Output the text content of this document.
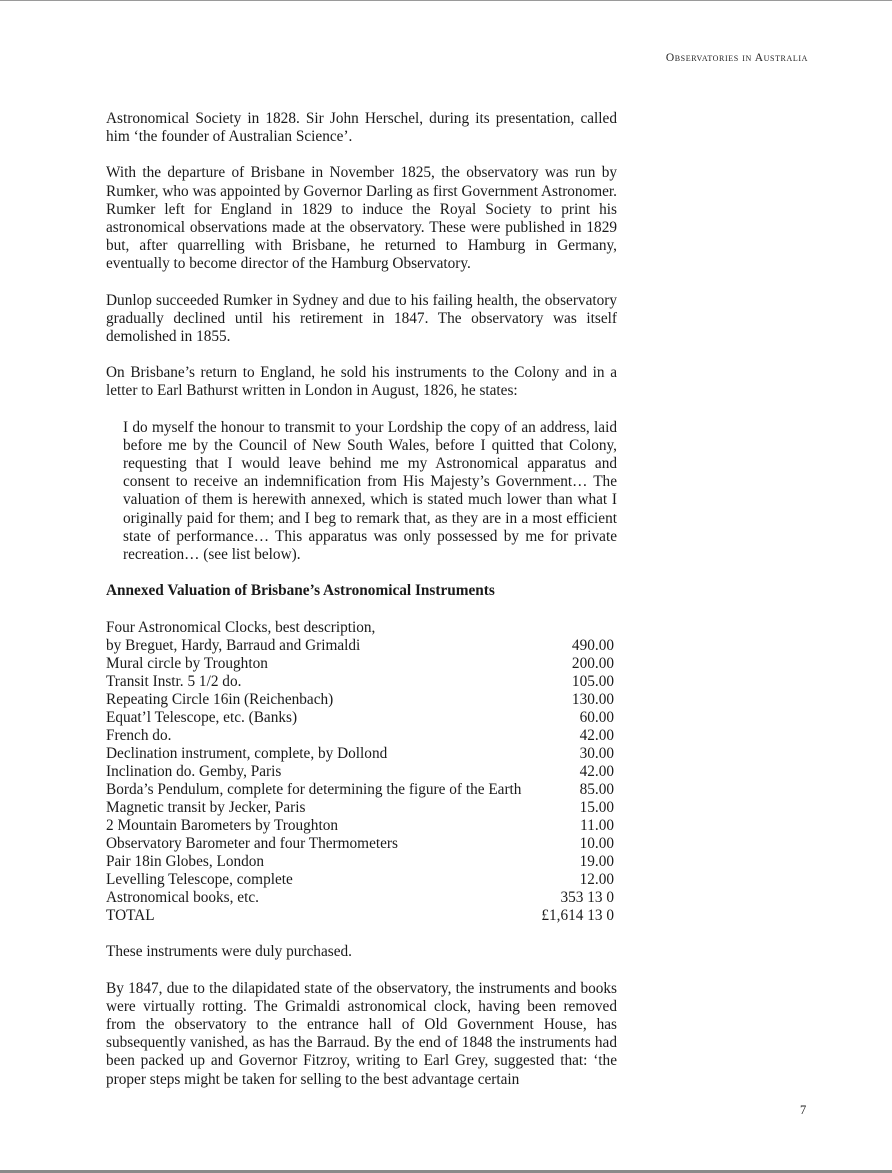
Observatories in Australia

Astronomical Society in 1828. Sir John Herschel, during its presentation, called him ‘the founder of Australian Science’.

With the departure of Brisbane in November 1825, the observatory was run by Rumker, who was appointed by Governor Darling as first Government Astronomer. Rumker left for England in 1829 to induce the Royal Society to print his astronomical observations made at the observatory. These were published in 1829 but, after quarrelling with Brisbane, he returned to Hamburg in Germany, eventually to become director of the Hamburg Observatory.

Dunlop succeeded Rumker in Sydney and due to his failing health, the observatory gradually declined until his retirement in 1847. The observatory was itself demolished in 1855.

On Brisbane’s return to England, he sold his instruments to the Colony and in a letter to Earl Bathurst written in London in August, 1826, he states:

I do myself the honour to transmit to your Lordship the copy of an address, laid before me by the Council of New South Wales, before I quitted that Colony, requesting that I would leave behind me my Astronomical apparatus and consent to receive an indemnification from His Majesty’s Government… The valuation of them is herewith annexed, which is stated much lower than what I originally paid for them; and I beg to remark that, as they are in a most efficient state of performance… This apparatus was only possessed by me for private recreation… (see list below).
Annexed Valuation of Brisbane’s Astronomical Instruments
Four Astronomical Clocks, best description,
by Breguet, Hardy, Barraud and Grimaldi	490.00
Mural circle by Troughton	200.00
Transit Instr. 5 1/2 do.	105.00
Repeating Circle 16in (Reichenbach)	130.00
Equat’l Telescope, etc. (Banks)	60.00
French do.	42.00
Declination instrument, complete, by Dollond	30.00
Inclination do. Gemby, Paris	42.00
Borda’s Pendulum, complete for determining the figure of the Earth	85.00
Magnetic transit by Jecker, Paris	15.00
2 Mountain Barometers by Troughton	11.00
Observatory Barometer and four Thermometers	10.00
Pair 18in Globes, London	19.00
Levelling Telescope, complete	12.00
Astronomical books, etc.	353 13 0
TOTAL	£1,614 13 0

These instruments were duly purchased.

By 1847, due to the dilapidated state of the observatory, the instruments and books were virtually rotting. The Grimaldi astronomical clock, having been removed from the observatory to the entrance hall of Old Government House, has subsequently vanished, as has the Barraud. By the end of 1848 the instruments had been packed up and Governor Fitzroy, writing to Earl Grey, suggested that: ‘the proper steps might be taken for selling to the best advantage certain

7
